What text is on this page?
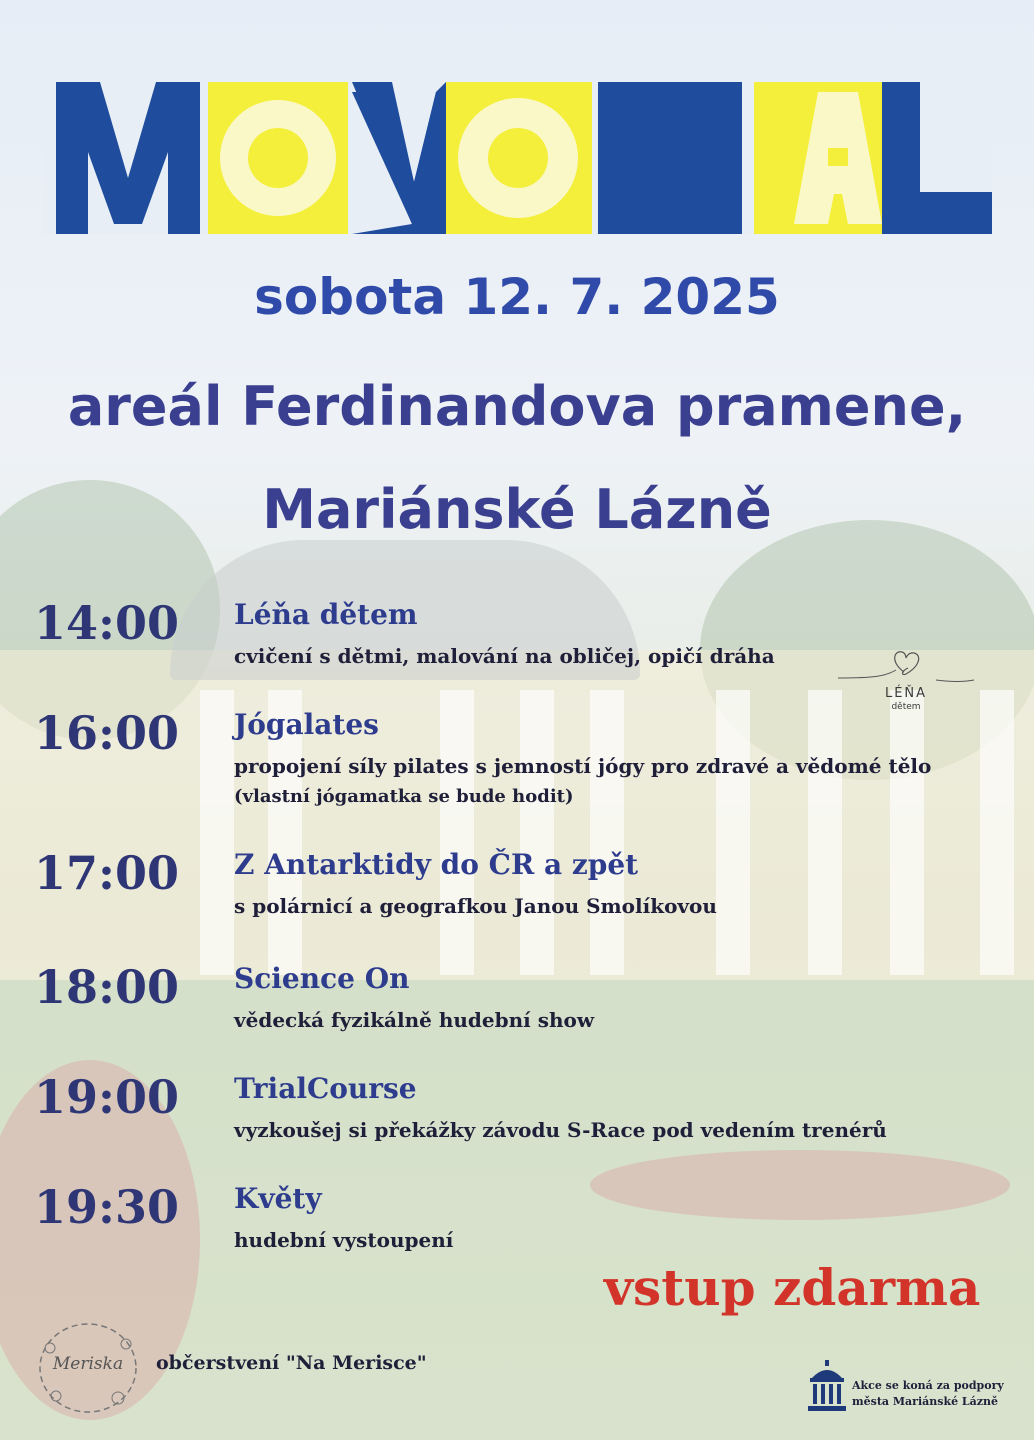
sobota 12. 7. 2025
areál Ferdinandova pramene,
Mariánské Lázně
14:00 Léňa dětem
cvičení s dětmi, malování na obličej, opičí dráha
16:00 Jógalates
propojení síly pilates s jemností jógy pro zdravé a vědomé tělo
(vlastní jógamatka se bude hodit)
17:00 Z Antarktidy do ČR a zpět
s polárnicí a geografkou Janou Smolíkovou
18:00 Science On
vědecká fyzikálně hudební show
19:00 TrialCourse
vyzkoušej si překážky závodu S-Race pod vedením trenérů
19:30 Květy
hudební vystoupení
LÉŇA
dětem
vstup zdarma
Meriska	občerstvení "Na Merisce"
Akce se koná za podpory
města Mariánské Lázně
